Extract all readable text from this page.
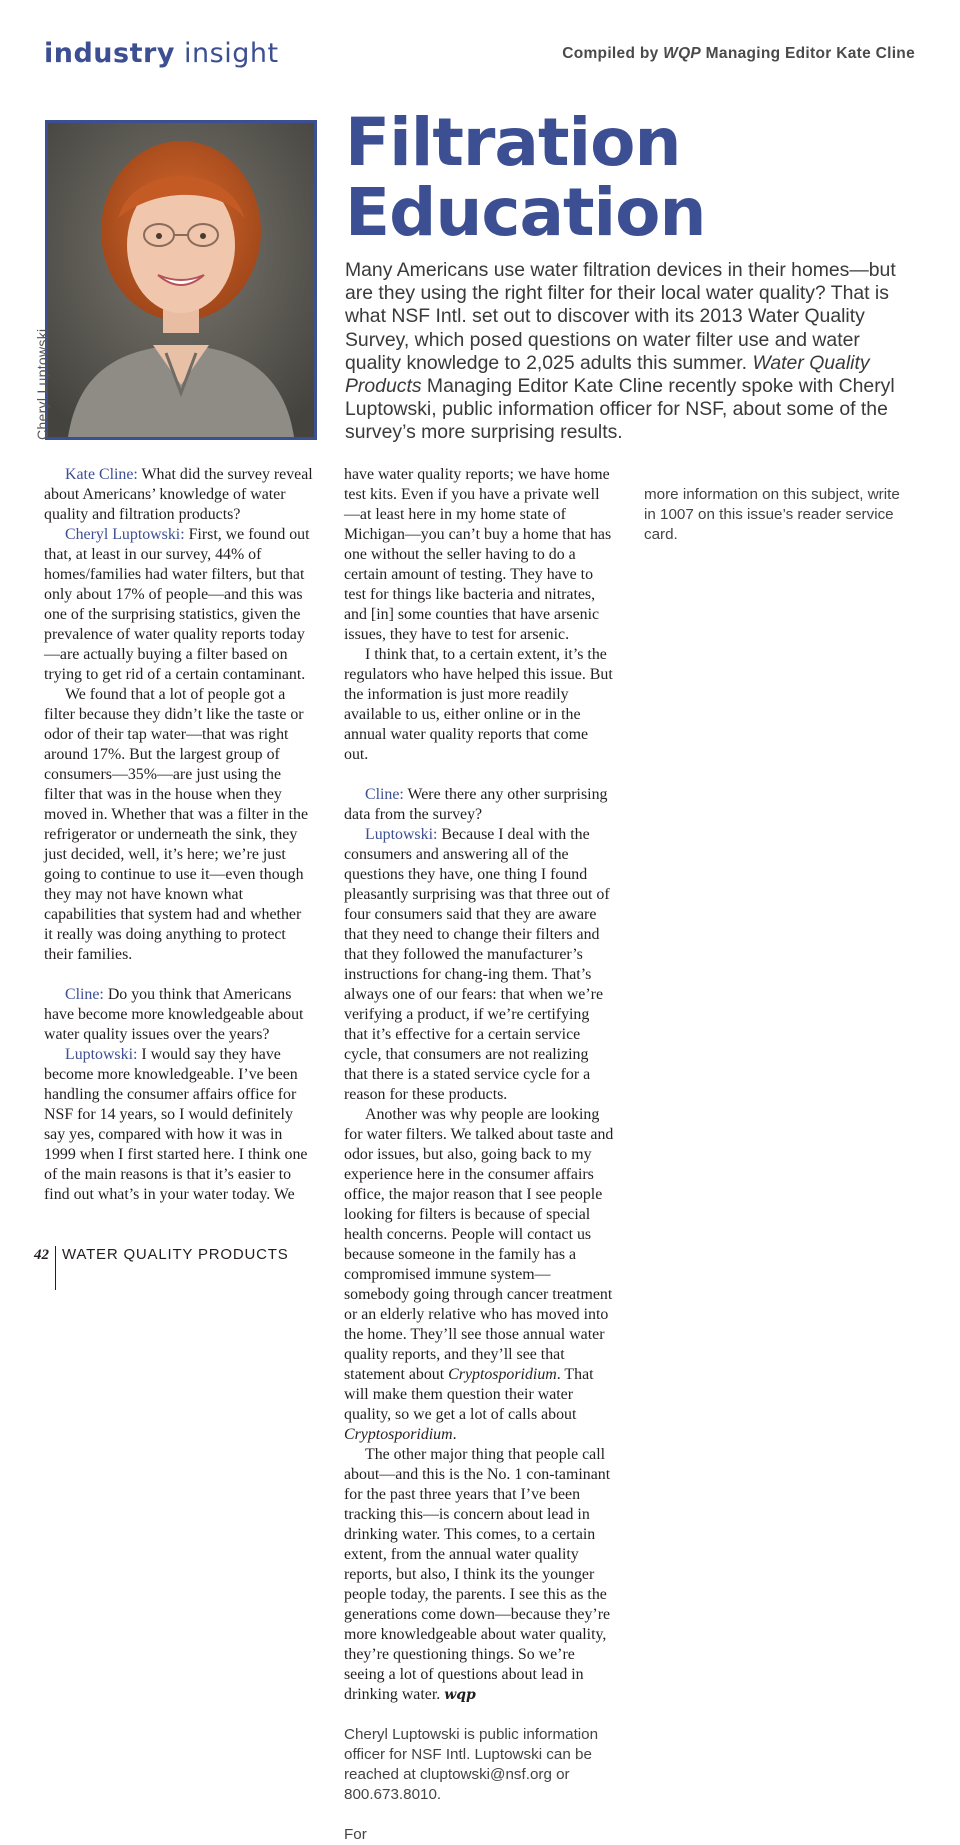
industry insight	Compiled by WQP Managing Editor Kate Cline
Cheryl Luptowski
Filtration
Education
Many Americans use water filtration devices in their homes—but are they using the right filter for their local water quality? That is what NSF Intl. set out to discover with its 2013 Water Quality Survey, which posed questions on water filter use and water quality knowledge to 2,025 adults this summer. Water Quality Products Managing Editor Kate Cline recently spoke with Cheryl Luptowski, public information officer for NSF, about some of the survey’s more surprising results.

Kate Cline: What did the survey reveal about Americans’ knowledge of water quality and filtration products?

Cheryl Luptowski: First, we found out that, at least in our survey, 44% of homes/families had water filters, but that only about 17% of people—and this was one of the surprising statistics, given the prevalence of water quality reports today—are actually buying a filter based on trying to get rid of a certain contaminant.

We found that a lot of people got a filter because they didn’t like the taste or odor of their tap water—that was right around 17%. But the largest group of consumers—35%—are just using the filter that was in the house when they moved in. Whether that was a filter in the refrigerator or underneath the sink, they just decided, well, it’s here; we’re just going to continue to use it—even though they may not have known what capabilities that system had and whether it really was doing anything to protect their families.

Cline: Do you think that Americans have become more knowledgeable about water quality issues over the years?

Luptowski: I would say they have become more knowledgeable. I’ve been handling the consumer affairs office for NSF for 14 years, so I would definitely say yes, compared with how it was in 1999 when I first started here. I think one of the main reasons is that it’s easier to find out what’s in your water today. We

have water quality reports; we have home test kits. Even if you have a private well—at least here in my home state of Michigan—you can’t buy a home that has one without the seller having to do a certain amount of testing. They have to test for things like bacteria and nitrates, and [in] some counties that have arsenic issues, they have to test for arsenic.

I think that, to a certain extent, it’s the regulators who have helped this issue. But the information is just more readily available to us, either online or in the annual water quality reports that come out.

Cline: Were there any other surprising data from the survey?

Luptowski: Because I deal with the consumers and answering all of the questions they have, one thing I found pleasantly surprising was that three out of four consumers said that they are aware that they need to change their filters and that they followed the manufacturer’s instructions for chang-ing them. That’s always one of our fears: that when we’re verifying a product, if we’re certifying that it’s effective for a certain service cycle, that consumers are not realizing that there is a stated service cycle for a reason for these products.

Another was why people are looking for water filters. We talked about taste and odor issues, but also, going back to my experience here in the consumer affairs office, the major reason that I see people looking for filters is because of special health concerns. People will contact us because someone in the family has a compromised immune system—somebody going through cancer treatment or an elderly relative who has moved into the home. They’ll see those annual water quality reports, and they’ll see that statement about Cryptosporidium. That will make them question their water quality, so we get a lot of calls about Cryptosporidium.

The other major thing that people call about—and this is the No. 1 con-taminant for the past three years that I’ve been tracking this—is concern about lead in drinking water. This comes, to a certain extent, from the annual water quality reports, but also, I think its the younger people today, the parents. I see this as the generations come down—because they’re more knowledgeable about water quality, they’re questioning things. So we’re seeing a lot of questions about lead in drinking water. wqp

Cheryl Luptowski is public information officer for NSF Intl. Luptowski can be reached at cluptowski@nsf.org or 800.673.8010.

For

more information on this subject, write in 1007 on this issue’s reader service card.

42 WATER QUALITY PRODUCTS
